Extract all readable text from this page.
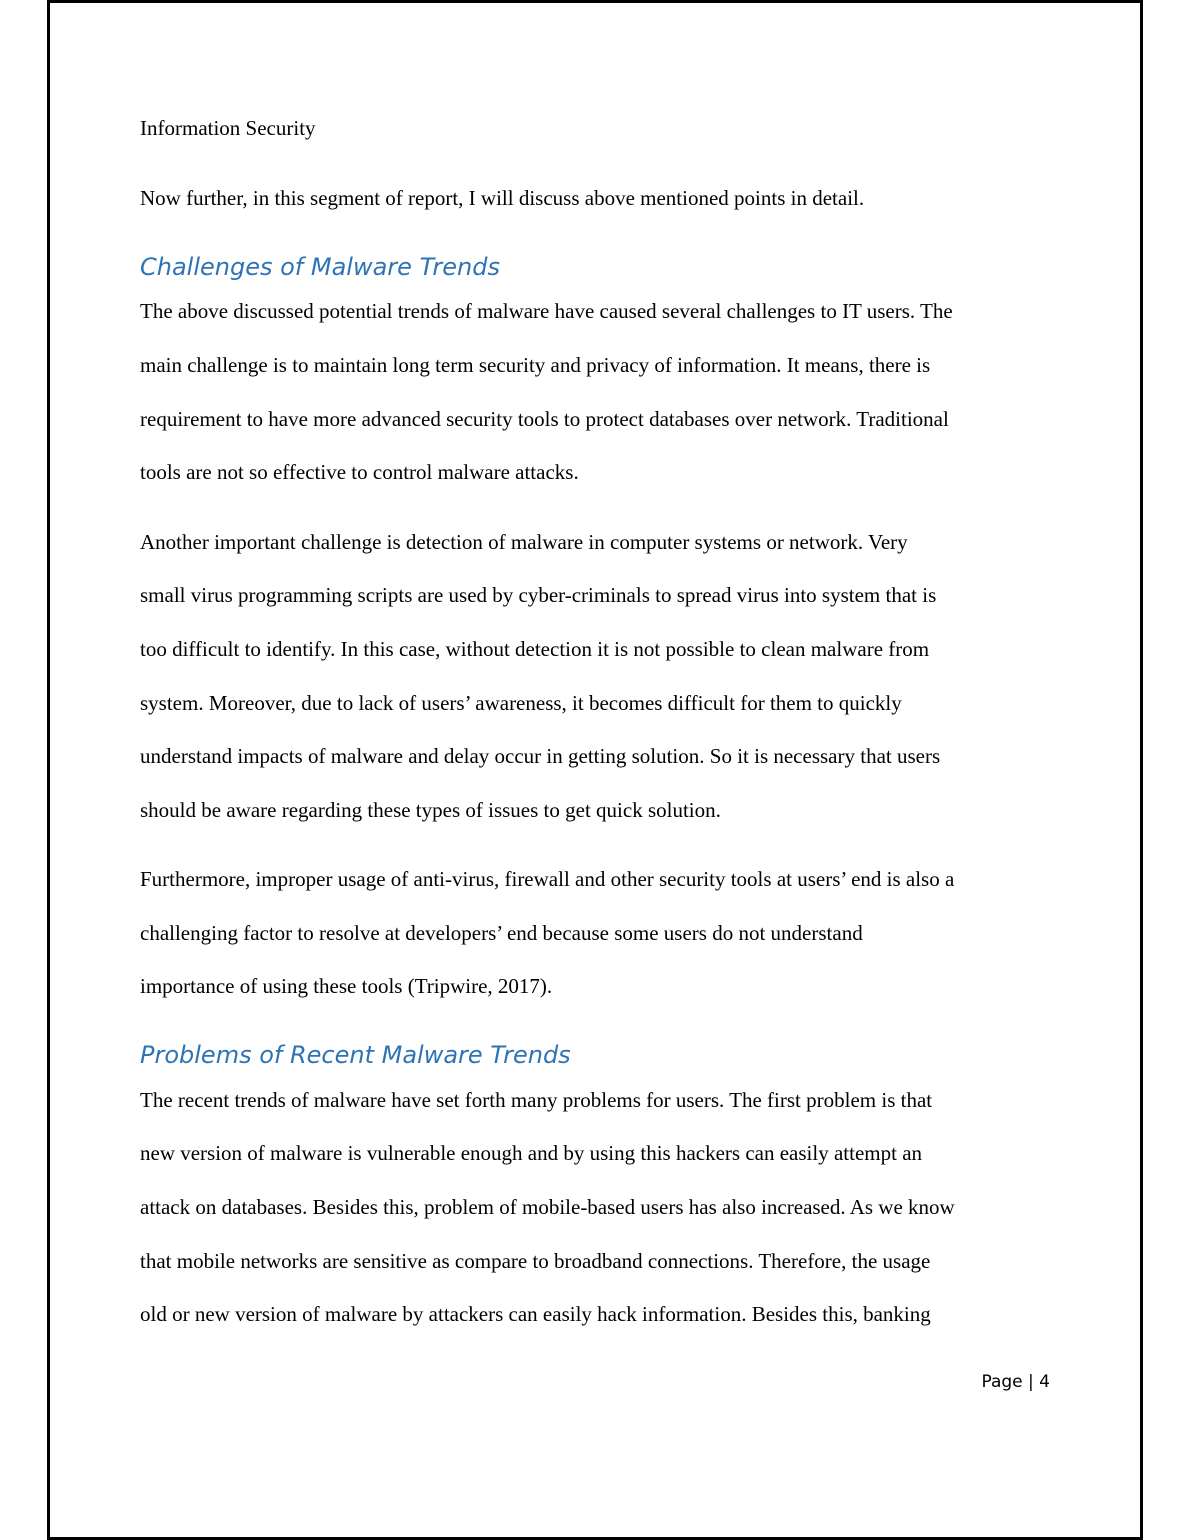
Information Security
Now further, in this segment of report, I will discuss above mentioned points in detail.
Challenges of Malware Trends
The above discussed potential trends of malware have caused several challenges to IT users. The
main challenge is to maintain long term security and privacy of information. It means, there is
requirement to have more advanced security tools to protect databases over network. Traditional
tools are not so effective to control malware attacks.
Another important challenge is detection of malware in computer systems or network. Very
small virus programming scripts are used by cyber-criminals to spread virus into system that is
too difficult to identify. In this case, without detection it is not possible to clean malware from
system. Moreover, due to lack of users’ awareness, it becomes difficult for them to quickly
understand impacts of malware and delay occur in getting solution. So it is necessary that users
should be aware regarding these types of issues to get quick solution.
Furthermore, improper usage of anti-virus, firewall and other security tools at users’ end is also a
challenging factor to resolve at developers’ end because some users do not understand
importance of using these tools (Tripwire, 2017).
Problems of Recent Malware Trends
The recent trends of malware have set forth many problems for users. The first problem is that
new version of malware is vulnerable enough and by using this hackers can easily attempt an
attack on databases. Besides this, problem of mobile-based users has also increased. As we know
that mobile networks are sensitive as compare to broadband connections. Therefore, the usage
old or new version of malware by attackers can easily hack information. Besides this, banking
Page | 4
